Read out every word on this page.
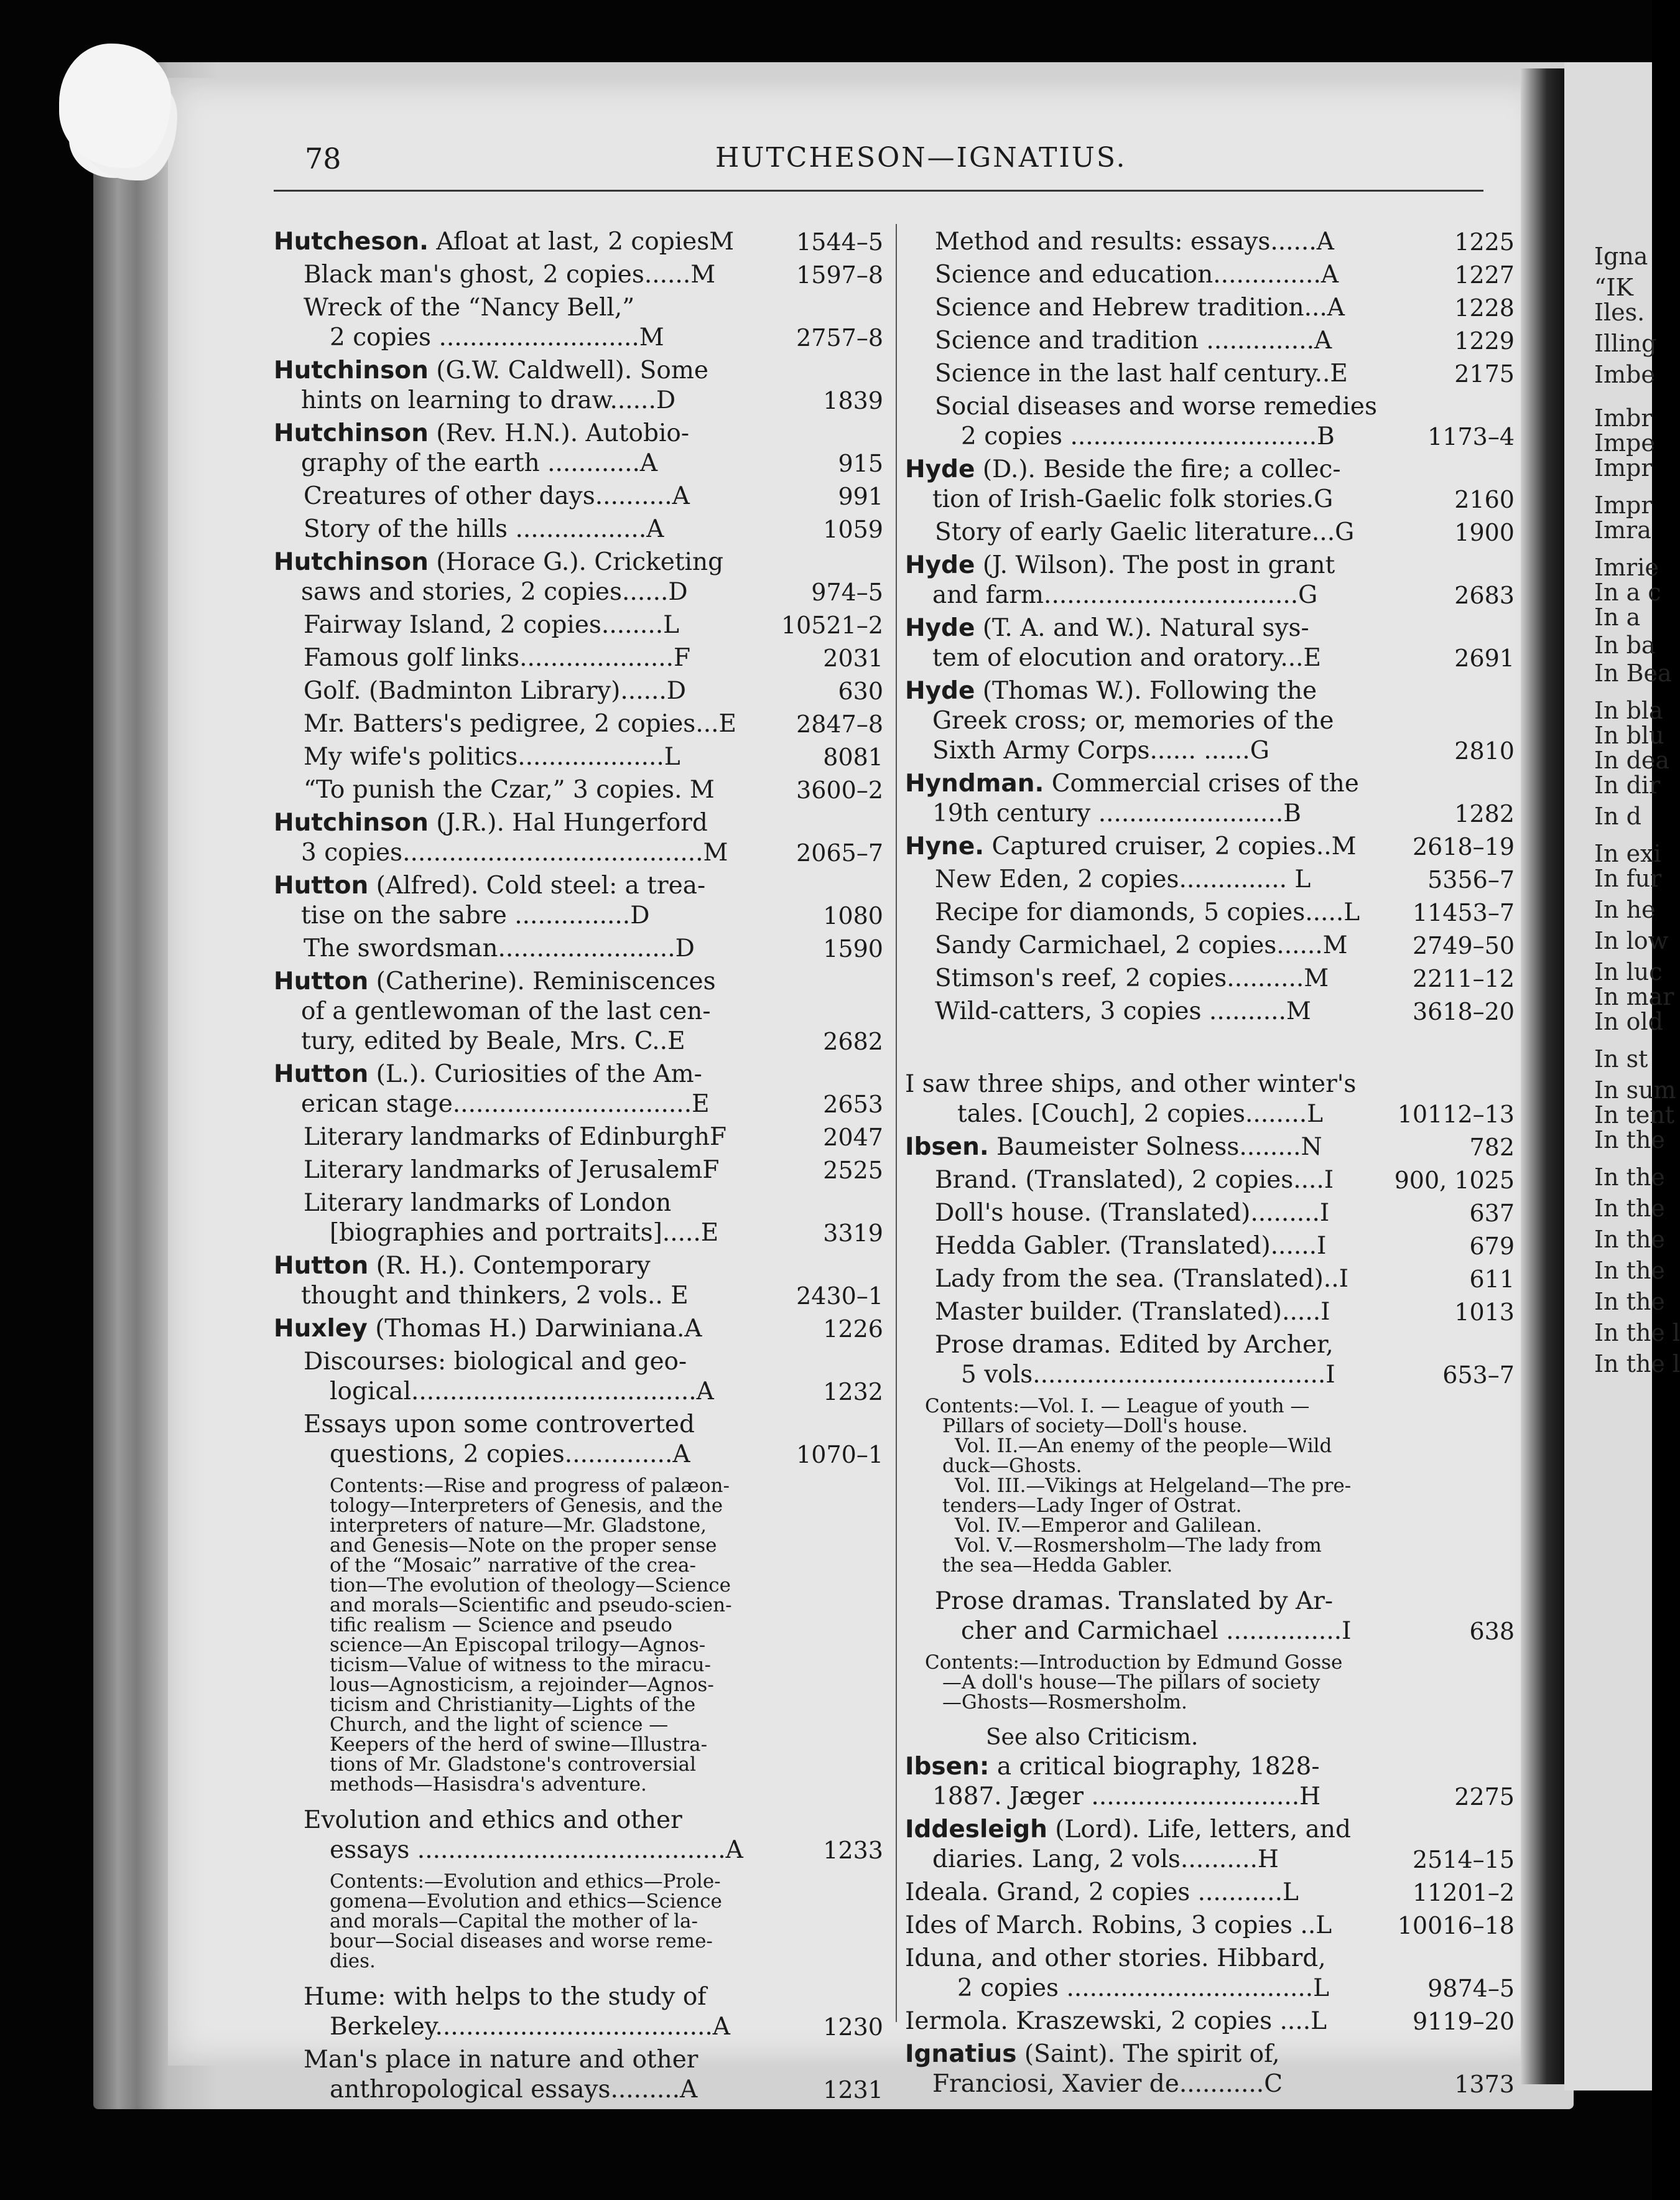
Igna
“IK
Iles.
Illing
Imbe
Imbr
Impe
Impr
Impr
Imra
Imrie
In a c
In a
In ba
In Bea
In bla
In blu
In dea
In dir
In d
In exi
In fur
In he
In low
In luc
In mar
In old
In st
In sum
In tent
In the
In the
In the
In the
In the
In the
In the l
In the l
78	HUTCHESON—IGNATIUS.
Hutcheson. Afloat at last, 2 copiesM	1544–5
Black man's ghost, 2 copies......M	1597–8
Wreck of the “Nancy Bell,”
2 copies ..........................M	2757–8
Hutchinson (G.W. Caldwell). Some
hints on learning to draw......D	1839
Hutchinson (Rev. H.N.). Autobio-
graphy of the earth ............A	915
Creatures of other days..........A	991
Story of the hills .................A	1059
Hutchinson (Horace G.). Cricketing
saws and stories, 2 copies......D	974–5
Fairway Island, 2 copies........L	10521–2
Famous golf links....................F	2031
Golf. (Badminton Library)......D	630
Mr. Batters's pedigree, 2 copies...E	2847–8
My wife's politics...................L	8081
“To punish the Czar,” 3 copies. M	3600–2
Hutchinson (J.R.). Hal Hungerford
3 copies.......................................M	2065–7
Hutton (Alfred). Cold steel: a trea-
tise on the sabre ...............D	1080
The swordsman.......................D	1590
Hutton (Catherine). Reminiscences
of a gentlewoman of the last cen-
tury, edited by Beale, Mrs. C..E	2682
Hutton (L.). Curiosities of the Am-
erican stage...............................E	2653
Literary landmarks of EdinburghF	2047
Literary landmarks of JerusalemF	2525
Literary landmarks of London
[biographies and portraits].....E	3319
Hutton (R. H.). Contemporary
thought and thinkers, 2 vols.. E	2430–1
Huxley (Thomas H.) Darwiniana.A	1226
Discourses: biological and geo-
logical.....................................A	1232
Essays upon some controverted
questions, 2 copies..............A	1070–1
Contents:—Rise and progress of palæon-
tology—Interpreters of Genesis, and the
interpreters of nature—Mr. Gladstone,
and Genesis—Note on the proper sense
of the “Mosaic” narrative of the crea-
tion—The evolution of theology—Science
and morals—Scientific and pseudo-scien-
tific realism — Science and pseudo
science—An Episcopal trilogy—Agnos-
ticism—Value of witness to the miracu-
lous—Agnosticism, a rejoinder—Agnos-
ticism and Christianity—Lights of the
Church, and the light of science —
Keepers of the herd of swine—Illustra-
tions of Mr. Gladstone's controversial
methods—Hasisdra's adventure.
Evolution and ethics and other
essays ........................................A	1233
Contents:—Evolution and ethics—Prole-
gomena—Evolution and ethics—Science
and morals—Capital the mother of la-
bour—Social diseases and worse reme-
dies.
Hume: with helps to the study of
Berkeley....................................A	1230
Man's place in nature and other
anthropological essays.........A	1231
Method and results: essays......A	1225
Science and education..............A	1227
Science and Hebrew tradition...A	1228
Science and tradition ..............A	1229
Science in the last half century..E	2175
Social diseases and worse remedies
2 copies ................................B	1173–4
Hyde (D.). Beside the fire; a collec-
tion of Irish-Gaelic folk stories.G	2160
Story of early Gaelic literature...G	1900
Hyde (J. Wilson). The post in grant
and farm.................................G	2683
Hyde (T. A. and W.). Natural sys-
tem of elocution and oratory...E	2691
Hyde (Thomas W.). Following the
Greek cross; or, memories of the
Sixth Army Corps...... ......G	2810
Hyndman. Commercial crises of the
19th century ........................B	1282
Hyne. Captured cruiser, 2 copies..M	2618–19
New Eden, 2 copies.............. L	5356–7
Recipe for diamonds, 5 copies.....L	11453–7
Sandy Carmichael, 2 copies......M	2749–50
Stimson's reef, 2 copies..........M	2211–12
Wild-catters, 3 copies ..........M	3618–20
I saw three ships, and other winter's
tales. [Couch], 2 copies........L	10112–13
Ibsen. Baumeister Solness........N	782
Brand. (Translated), 2 copies....I	900, 1025
Doll's house. (Translated).........I	637
Hedda Gabler. (Translated)......I	679
Lady from the sea. (Translated)..I	611
Master builder. (Translated).....I	1013
Prose dramas. Edited by Archer,
5 vols......................................I	653–7
Contents:—Vol. I. — League of youth —
Pillars of society—Doll's house.
Vol. II.—An enemy of the people—Wild
duck—Ghosts.
Vol. III.—Vikings at Helgeland—The pre-
tenders—Lady Inger of Ostrat.
Vol. IV.—Emperor and Galilean.
Vol. V.—Rosmersholm—The lady from
the sea—Hedda Gabler.
Prose dramas. Translated by Ar-
cher and Carmichael ...............I	638
Contents:—Introduction by Edmund Gosse
—A doll's house—The pillars of society
—Ghosts—Rosmersholm.
See also Criticism.
Ibsen: a critical biography, 1828-
1887. Jæger ...........................H	2275
Iddesleigh (Lord). Life, letters, and
diaries. Lang, 2 vols..........H	2514–15
Ideala. Grand, 2 copies ...........L	11201–2
Ides of March. Robins, 3 copies ..L	10016–18
Iduna, and other stories. Hibbard,
2 copies ................................L	9874–5
Iermola. Kraszewski, 2 copies ....L	9119–20
Ignatius (Saint). The spirit of,
Franciosi, Xavier de...........C	1373
